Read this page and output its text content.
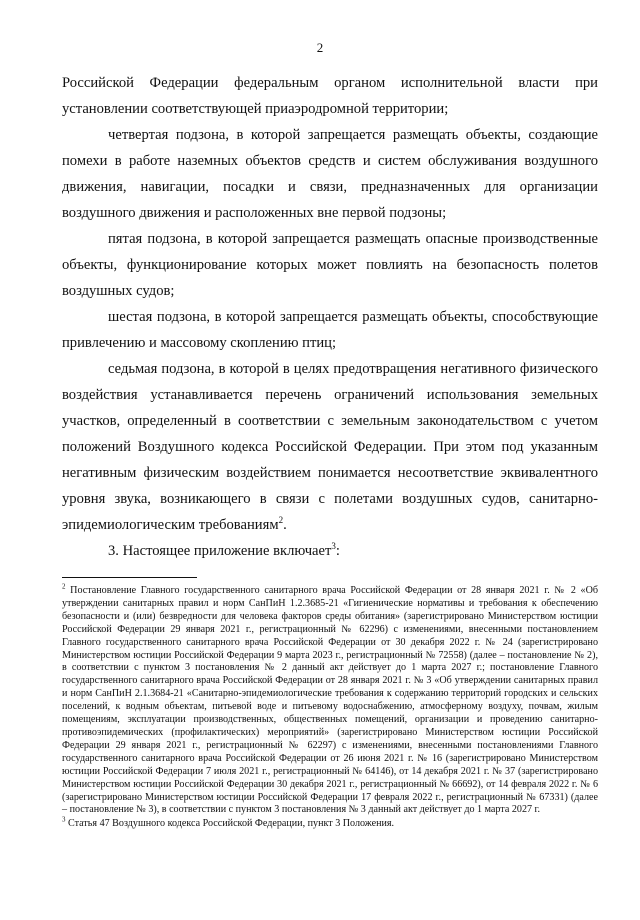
2

Российской Федерации федеральным органом исполнительной власти при установлении соответствующей приаэродромной территории;

четвертая подзона, в которой запрещается размещать объекты, создающие помехи в работе наземных объектов средств и систем обслуживания воздушного движения, навигации, посадки и связи, предназначенных для организации воздушного движения и расположенных вне первой подзоны;

пятая подзона, в которой запрещается размещать опасные производственные объекты, функционирование которых может повлиять на безопасность полетов воздушных судов;

шестая подзона, в которой запрещается размещать объекты, способствующие привлечению и массовому скоплению птиц;

седьмая подзона, в которой в целях предотвращения негативного физического воздействия устанавливается перечень ограничений использования земельных участков, определенный в соответствии с земельным законодательством с учетом положений Воздушного кодекса Российской Федерации. При этом под указанным негативным физическим воздействием понимается несоответствие эквивалентного уровня звука, возникающего в связи с полетами воздушных судов, санитарно-эпидемиологическим требованиям$^2$.

3. Настоящее приложение включает$^3$:

$^2$ Постановление Главного государственного санитарного врача Российской Федерации от 28 января 2021 г. № 2 «Об утверждении санитарных правил и норм СанПиН 1.2.3685-21 «Гигиенические нормативы и требования к обеспечению безопасности и (или) безвредности для человека факторов среды обитания» (зарегистрировано Министерством юстиции Российской Федерации 29 января 2021 г., регистрационный № 62296) с изменениями, внесенными постановлением Главного государственного санитарного врача Российской Федерации от 30 декабря 2022 г. № 24 (зарегистрировано Министерством юстиции Российской Федерации 9 марта 2023 г., регистрационный № 72558) (далее – постановление № 2), в соответствии с пунктом 3 постановления № 2 данный акт действует до 1 марта 2027 г.; постановление Главного государственного санитарного врача Российской Федерации от 28 января 2021 г. № 3 «Об утверждении санитарных правил и норм СанПиН 2.1.3684-21 «Санитарно-эпидемиологические требования к содержанию территорий городских и сельских поселений, к водным объектам, питьевой воде и питьевому водоснабжению, атмосферному воздуху, почвам, жилым помещениям, эксплуатации производственных, общественных помещений, организации и проведению санитарно-противоэпидемических (профилактических) мероприятий» (зарегистрировано Министерством юстиции Российской Федерации 29 января 2021 г., регистрационный № 62297) с изменениями, внесенными постановлениями Главного государственного санитарного врача Российской Федерации от 26 июня 2021 г. № 16 (зарегистрировано Министерством юстиции Российской Федерации 7 июля 2021 г., регистрационный № 64146), от 14 декабря 2021 г. № 37 (зарегистрировано Министерством юстиции Российской Федерации 30 декабря 2021 г., регистрационный № 66692), от 14 февраля 2022 г. № 6 (зарегистрировано Министерством юстиции Российской Федерации 17 февраля 2022 г., регистрационный № 67331) (далее – постановление № 3), в соответствии с пунктом 3 постановления № 3 данный акт действует до 1 марта 2027 г.

$^3$ Статья 47 Воздушного кодекса Российской Федерации, пункт 3 Положения.
